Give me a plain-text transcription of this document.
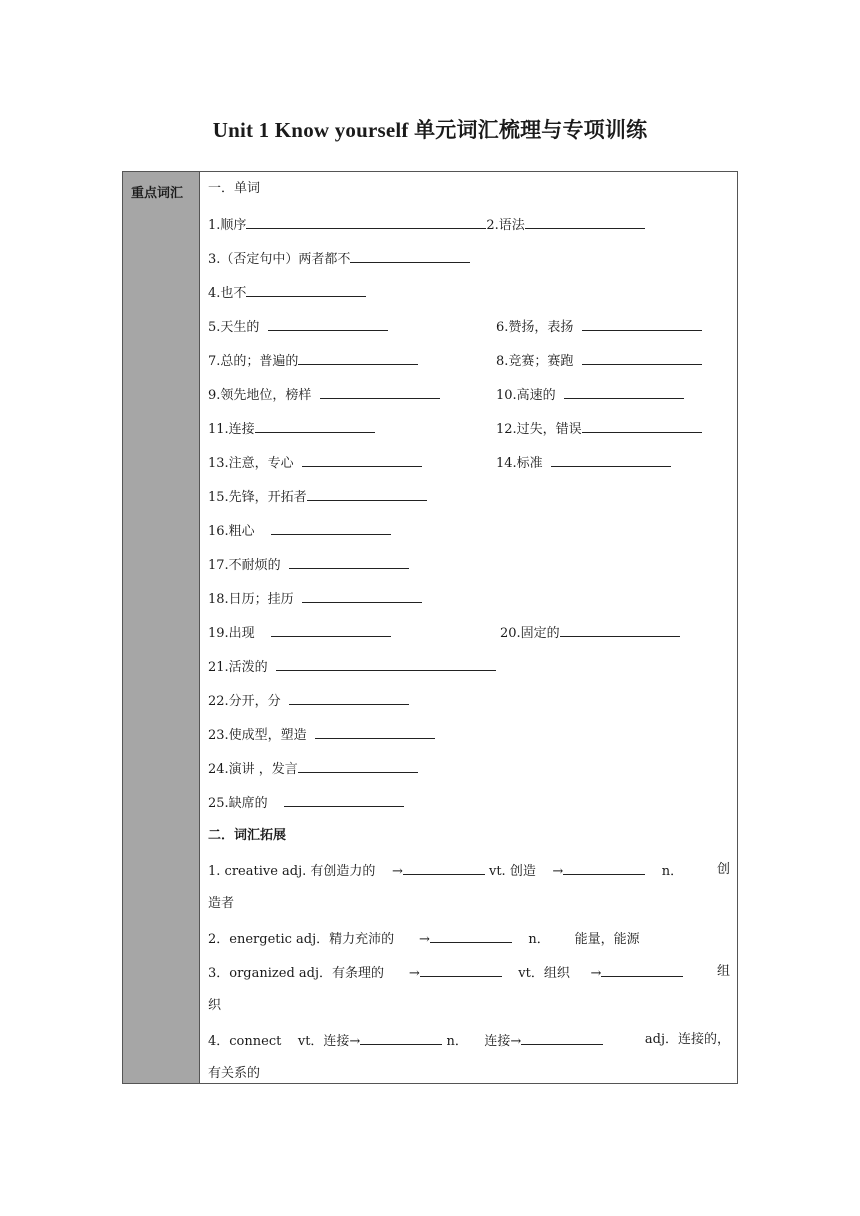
Unit 1 Know yourself 单元词汇梳理与专项训练
重点词汇 一．单词
1.顺序	2.语法
3.（否定句中）两者都不
4.也不
5.天生的	6.赞扬，表扬
7.总的；普遍的	8.竞赛；赛跑
9.领先地位，榜样	10.高速的
11.连接	12.过失，错误
13.注意，专心	14.标准
15.先锋，开拓者
16.粗心
17.不耐烦的
18.日历；挂历
19.出现	20.固定的
21.活泼的
22.分开，分
23.使成型，塑造
24.演讲 ，发言
25.缺席的
二．词汇拓展
1. creative adj. 有创造力的 →	vt. 创造 →	n．	创
造者
2．energetic adj．精力充沛的 →	n． 能量，能源
3．organized adj．有条理的 →	vt．组织 →	组
织
4．connect vt．连接→	n． 连接→	adj．连接的，
有关系的
